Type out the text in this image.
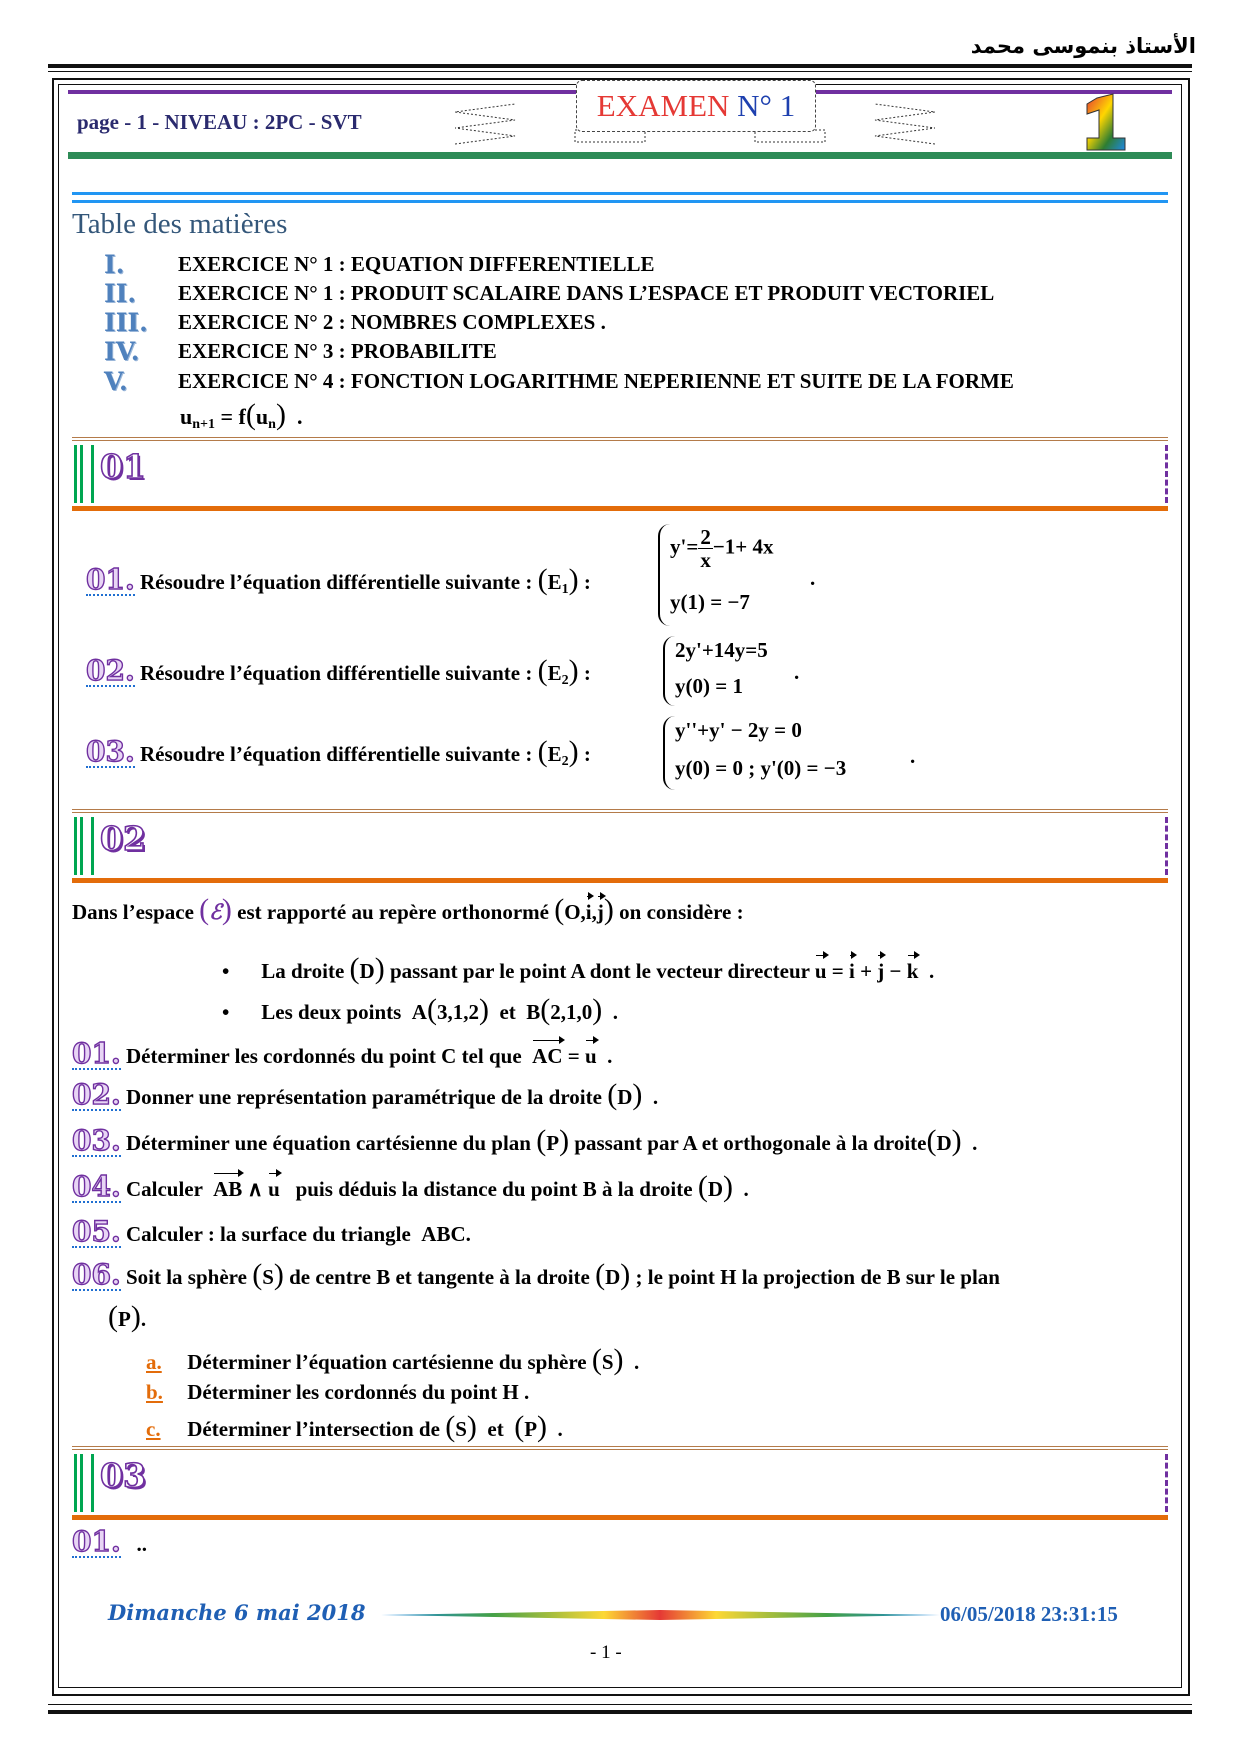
الأستاذ بنموسى محمد
page - 1 - NIVEAU : 2PC - SVT	EXAMEN N° 1
Table des matières
I.	EXERCICE N° 1 : EQUATION DIFFERENTIELLE
II.	EXERCICE N° 1 : PRODUIT SCALAIRE DANS L’ESPACE ET PRODUIT VECTORIEL
III.	EXERCICE N° 2 : NOMBRES COMPLEXES .
IV.	EXERCICE N° 3 : PROBABILITE
V.	EXERCICE N° 4 : FONCTION LOGARITHME NEPERIENNE ET SUITE DE LA FORME
$u_{n+1} = f(u_n)$  .
01
01. Résoudre l’équation différentielle suivante : $(E_1)$ :
$y'= \frac{2}{x} -1+ 4x$
y(1) = −7
.
02. Résoudre l’équation différentielle suivante : $(E_2)$ :
2y'+14y=5
y(0) = 1
.
03. Résoudre l’équation différentielle suivante : $(E_2)$ :
y''+y' − 2y = 0
y(0) = 0 ; y'(0) = −3	.
02
Dans l’espace (ℰ) est rapporté au repère orthonormé (O,i,j) on considère :
• La droite (D) passant par le point A dont le vecteur directeur u = i + j − k  .
• Les deux points  A(3,1,2)  et  B(2,1,0)  .
01. Déterminer les cordonnés du point C tel que AC = u  .
02. Donner une représentation paramétrique de la droite (D)  .
03. Déterminer une équation cartésienne du plan (P) passant par A et orthogonale à la droite(D)  .
04. Calculer AB ∧ u puis déduis la distance du point B à la droite (D)  .
05. Calculer : la surface du triangle ABC.
06. Soit la sphère (S) de centre B et tangente à la droite (D) ; le point H la projection de B sur le plan
(P).
a. Déterminer l’équation cartésienne du sphère (S)  .
b. Déterminer les cordonnés du point H .
c. Déterminer l’intersection de (S)  et  (P)  .
03
01. ..
Dimanche 6 mai 2018	06/05/2018 23:31:15
- 1 -
